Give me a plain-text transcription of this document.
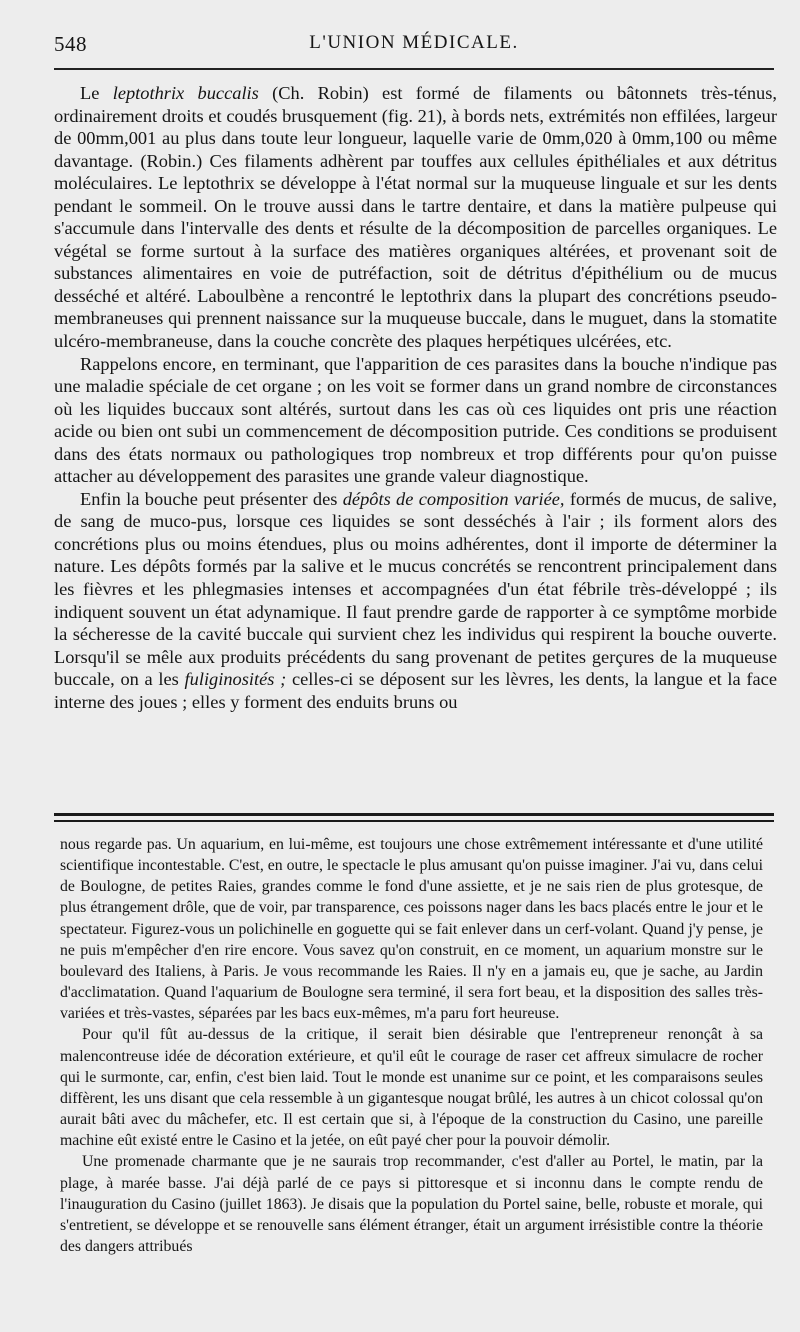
548	L'UNION MÉDICALE.

Le leptothrix buccalis (Ch. Robin) est formé de filaments ou bâtonnets très-ténus, ordinairement droits et coudés brusquement (fig. 21), à bords nets, extrémités non effilées, largeur de 00mm,001 au plus dans toute leur longueur, laquelle varie de 0mm,020 à 0mm,100 ou même davantage. (Robin.) Ces filaments adhèrent par touffes aux cellules épithéliales et aux détritus moléculaires. Le leptothrix se développe à l'état normal sur la muqueuse linguale et sur les dents pendant le sommeil. On le trouve aussi dans le tartre dentaire, et dans la matière pulpeuse qui s'accumule dans l'intervalle des dents et résulte de la décomposition de parcelles organiques. Le végétal se forme surtout à la surface des matières organiques altérées, et provenant soit de substances alimentaires en voie de putréfaction, soit de détritus d'épithélium ou de mucus desséché et altéré. Laboulbène a rencontré le leptothrix dans la plupart des concrétions pseudo-membraneuses qui prennent naissance sur la muqueuse buccale, dans le muguet, dans la stomatite ulcéro-membraneuse, dans la couche concrète des plaques herpétiques ulcérées, etc.

Rappelons encore, en terminant, que l'apparition de ces parasites dans la bouche n'indique pas une maladie spéciale de cet organe ; on les voit se former dans un grand nombre de circonstances où les liquides buccaux sont altérés, surtout dans les cas où ces liquides ont pris une réaction acide ou bien ont subi un commencement de décomposition putride. Ces conditions se produisent dans des états normaux ou pathologiques trop nombreux et trop différents pour qu'on puisse attacher au développement des parasites une grande valeur diagnostique.

Enfin la bouche peut présenter des dépôts de composition variée, formés de mucus, de salive, de sang de muco-pus, lorsque ces liquides se sont desséchés à l'air ; ils forment alors des concrétions plus ou moins étendues, plus ou moins adhérentes, dont il importe de déterminer la nature. Les dépôts formés par la salive et le mucus concrétés se rencontrent principalement dans les fièvres et les phlegmasies intenses et accompagnées d'un état fébrile très-développé ; ils indiquent souvent un état adynamique. Il faut prendre garde de rapporter à ce symptôme morbide la sécheresse de la cavité buccale qui survient chez les individus qui respirent la bouche ouverte. Lorsqu'il se mêle aux produits précédents du sang provenant de petites gerçures de la muqueuse buccale, on a les fuliginosités ; celles-ci se déposent sur les lèvres, les dents, la langue et la face interne des joues ; elles y forment des enduits bruns ou

nous regarde pas. Un aquarium, en lui-même, est toujours une chose extrêmement intéressante et d'une utilité scientifique incontestable. C'est, en outre, le spectacle le plus amusant qu'on puisse imaginer. J'ai vu, dans celui de Boulogne, de petites Raies, grandes comme le fond d'une assiette, et je ne sais rien de plus grotesque, de plus étrangement drôle, que de voir, par transparence, ces poissons nager dans les bacs placés entre le jour et le spectateur. Figurez-vous un polichinelle en goguette qui se fait enlever dans un cerf-volant. Quand j'y pense, je ne puis m'empêcher d'en rire encore. Vous savez qu'on construit, en ce moment, un aquarium monstre sur le boulevard des Italiens, à Paris. Je vous recommande les Raies. Il n'y en a jamais eu, que je sache, au Jardin d'acclimatation. Quand l'aquarium de Boulogne sera terminé, il sera fort beau, et la disposition des salles très-variées et très-vastes, séparées par les bacs eux-mêmes, m'a paru fort heureuse.

Pour qu'il fût au-dessus de la critique, il serait bien désirable que l'entrepreneur renonçât à sa malencontreuse idée de décoration extérieure, et qu'il eût le courage de raser cet affreux simulacre de rocher qui le surmonte, car, enfin, c'est bien laid. Tout le monde est unanime sur ce point, et les comparaisons seules diffèrent, les uns disant que cela ressemble à un gigantesque nougat brûlé, les autres à un chicot colossal qu'on aurait bâti avec du mâchefer, etc. Il est certain que si, à l'époque de la construction du Casino, une pareille machine eût existé entre le Casino et la jetée, on eût payé cher pour la pouvoir démolir.

Une promenade charmante que je ne saurais trop recommander, c'est d'aller au Portel, le matin, par la plage, à marée basse. J'ai déjà parlé de ce pays si pittoresque et si inconnu dans le compte rendu de l'inauguration du Casino (juillet 1863). Je disais que la population du Portel saine, belle, robuste et morale, qui s'entretient, se développe et se renouvelle sans élément étranger, était un argument irrésistible contre la théorie des dangers attribués
